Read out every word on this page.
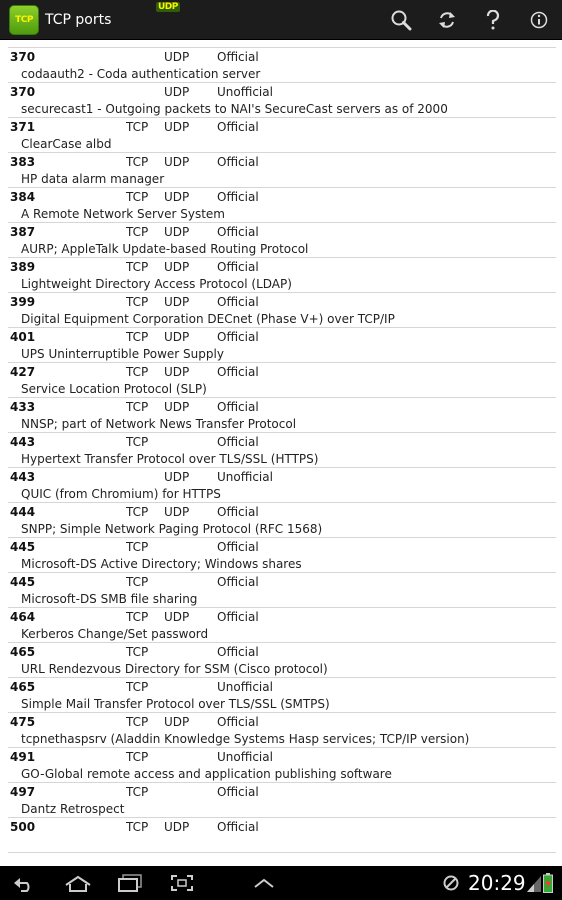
TCP
UDP
TCP ports
370	UDP Official
codaauth2 - Coda authentication server
370	UDP Unofficial
securecast1 - Outgoing packets to NAI's SecureCast servers as of 2000
371	TCP UDP Official
ClearCase albd
383	TCP UDP Official
HP data alarm manager
384	TCP UDP Official
A Remote Network Server System
387	TCP UDP Official
AURP; AppleTalk Update-based Routing Protocol
389	TCP UDP Official
Lightweight Directory Access Protocol (LDAP)
399	TCP UDP Official
Digital Equipment Corporation DECnet (Phase V+) over TCP/IP
401	TCP UDP Official
UPS Uninterruptible Power Supply
427	TCP UDP Official
Service Location Protocol (SLP)
433	TCP UDP Official
NNSP; part of Network News Transfer Protocol
443	TCP	Official
Hypertext Transfer Protocol over TLS/SSL (HTTPS)
443	UDP Unofficial
QUIC (from Chromium) for HTTPS
444	TCP UDP Official
SNPP; Simple Network Paging Protocol (RFC 1568)
445	TCP	Official
Microsoft-DS Active Directory; Windows shares
445	TCP	Official
Microsoft-DS SMB file sharing
464	TCP UDP Official
Kerberos Change/Set password
465	TCP	Official
URL Rendezvous Directory for SSM (Cisco protocol)
465	TCP	Unofficial
Simple Mail Transfer Protocol over TLS/SSL (SMTPS)
475	TCP UDP Official
tcpnethaspsrv (Aladdin Knowledge Systems Hasp services; TCP/IP version)
491	TCP	Unofficial
GO-Global remote access and application publishing software
497	TCP	Official
Dantz Retrospect
500	TCP UDP Official
20:29
